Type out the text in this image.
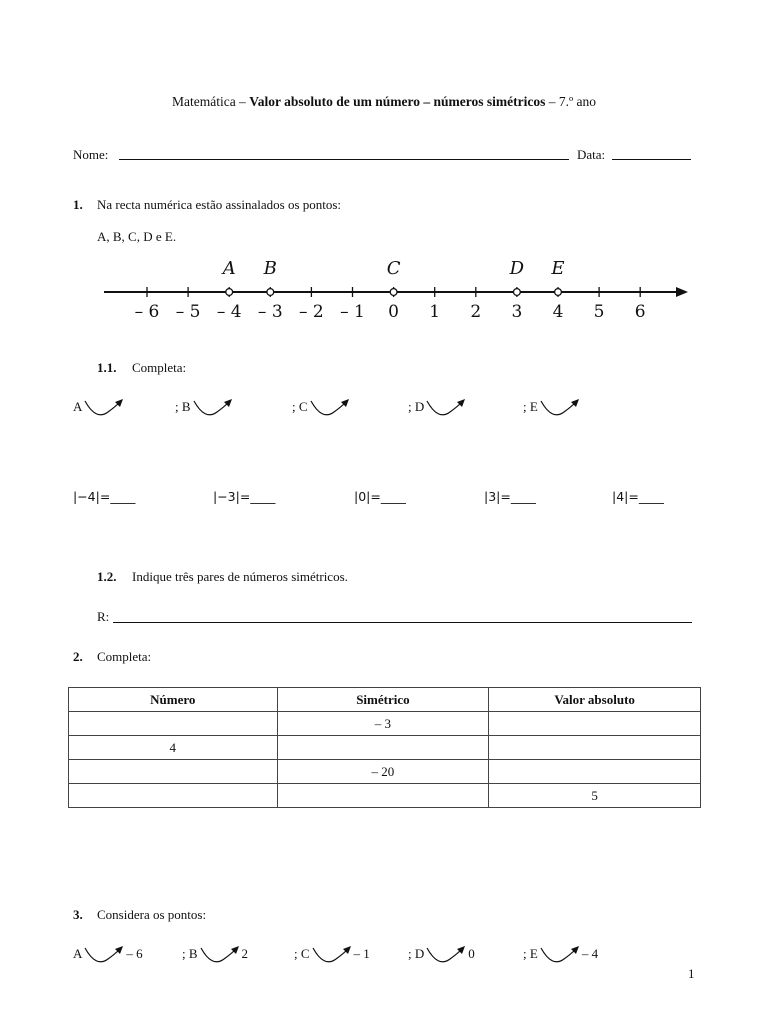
Matemática – Valor absoluto de um número – números simétricos – 7.º ano
Nome:	Data:
1. Na recta numérica estão assinalados os pontos:
A, B, C, D e E.
– 6 – 5 – 4 – 3 – 2 – 1 0 1 2 3 4 5 6
A B	C	D E
1.1. Completa:
A	; B	; C	; D	; E
|−4|=____	|−3|=____	|0|=____	|3|=____	|4|=____
1.2. Indique três pares de números simétricos.
R:
2. Completa:
Número	Simétrico	Valor absoluto
	– 3	
4		
	– 20	
		5
3. Considera os pontos:
A	– 6	; B	2	; C	– 1	; D	0	; E	– 4
1
